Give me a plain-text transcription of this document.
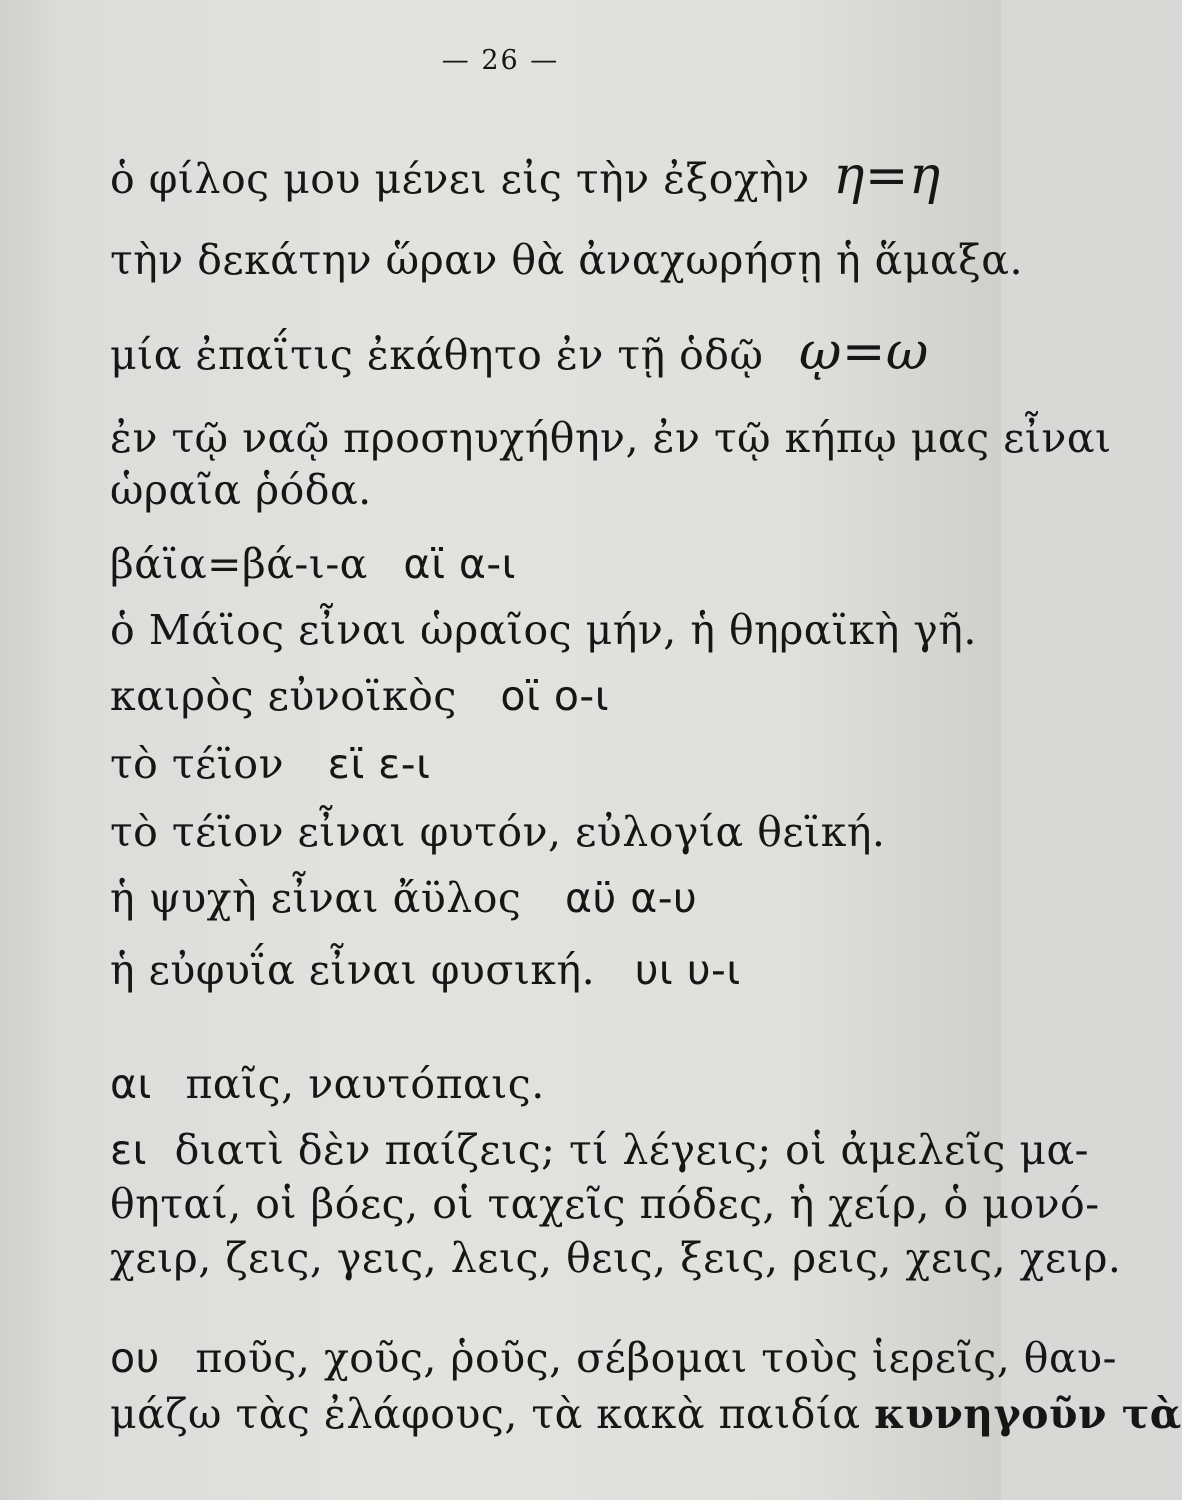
— 26 —
ὁ φίλος μου μένει εἰς τὴν ἐξοχὴν η=η
τὴν δεκάτην ὥραν θὰ ἀναχωρήσῃ ἡ ἅμαξα.
μία ἐπαΐτις ἐκάθητο ἐν τῇ ὁδῷ ῳ=ω
ἐν τῷ ναῷ προσηυχήθην, ἐν τῷ κήπῳ μας εἶναι
ὡραῖα ῥόδα.
βάϊα=βά-ι-α αϊ α-ι
ὁ Μάϊος εἶναι ὡραῖος μήν, ἡ θηραϊκὴ γῆ.
καιρὸς εὐνοϊκὸς οϊ ο-ι
τὸ τέϊον εϊ ε-ι
τὸ τέϊον εἶναι φυτόν, εὐλογία θεϊκή.
ἡ ψυχὴ εἶναι ἄϋλος αϋ α-υ
ἡ εὐφυΐα εἶναι φυσική. υι υ-ι
αι παῖς, ναυτόπαις.
ει διατὶ δὲν παίζεις; τί λέγεις; οἱ ἀμελεῖς μα-
θηταί, οἱ βόες, οἱ ταχεῖς πόδες, ἡ χείρ, ὁ μονό-
χειρ, ζεις, γεις, λεις, θεις, ξεις, ρεις, χεις, χειρ.
ου ποῦς, χοῦς, ῥοῦς, σέβομαι τοὺς ἱερεῖς, θαυ-
μάζω τὰς ἐλάφους, τὰ κακὰ παιδία κυνηγοῦν τὰ
